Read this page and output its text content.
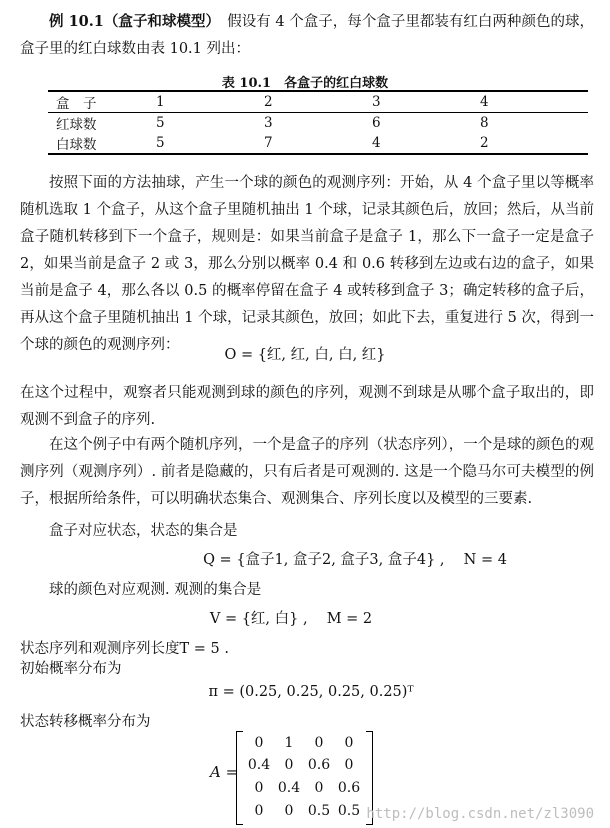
例 10.1（盒子和球模型）　 假设有 4 个盒子，每个盒子里都装有红白两种颜色的球，盒子里的红白球数由表 10.1 列出：

表 10.1　各盒子的红白球数
盒　子	1	2	3	4
红球数	5	3	6	8
白球数	5	7	4	2

按照下面的方法抽球，产生一个球的颜色的观测序列：开始，从 4 个盒子里以等概率随机选取 1 个盒子，从这个盒子里随机抽出 1 个球，记录其颜色后，放回；然后，从当前盒子随机转移到下一个盒子，规则是：如果当前盒子是盒子 1，那么下一盒子一定是盒子 2，如果当前是盒子 2 或 3，那么分别以概率 0.4 和 0.6 转移到左边或右边的盒子，如果当前是盒子 4，那么各以 0.5 的概率停留在盒子 4 或转移到盒子 3；确定转移的盒子后，再从这个盒子里随机抽出 1 个球，记录其颜色，放回；如此下去，重复进行 5 次，得到一个球的颜色的观测序列：

O = {红, 红, 白, 白, 红}

在这个过程中，观察者只能观测到球的颜色的序列，观测不到球是从哪个盒子取出的，即观测不到盒子的序列.

在这个例子中有两个随机序列，一个是盒子的序列（状态序列），一个是球的颜色的观测序列（观测序列）. 前者是隐藏的，只有后者是可观测的. 这是一个隐马尔可夫模型的例子，根据所给条件，可以明确状态集合、观测集合、序列长度以及模型的三要素.

盒子对应状态，状态的集合是

Q = {盒子1, 盒子2, 盒子3, 盒子4} ,　 N = 4

球的颜色对应观测. 观测的集合是

V = {红, 白} ,　 M = 2

状态序列和观测序列长度T = 5 .

初始概率分布为

π = (0.25, 0.25, 0.25, 0.25)ᵀ

状态转移概率分布为

A =
0	1	0	0
0.4	0	0.6	0
0	0.4	0	0.6
0	0	0.5 0.5 http://blog.csdn.net/zl3090
